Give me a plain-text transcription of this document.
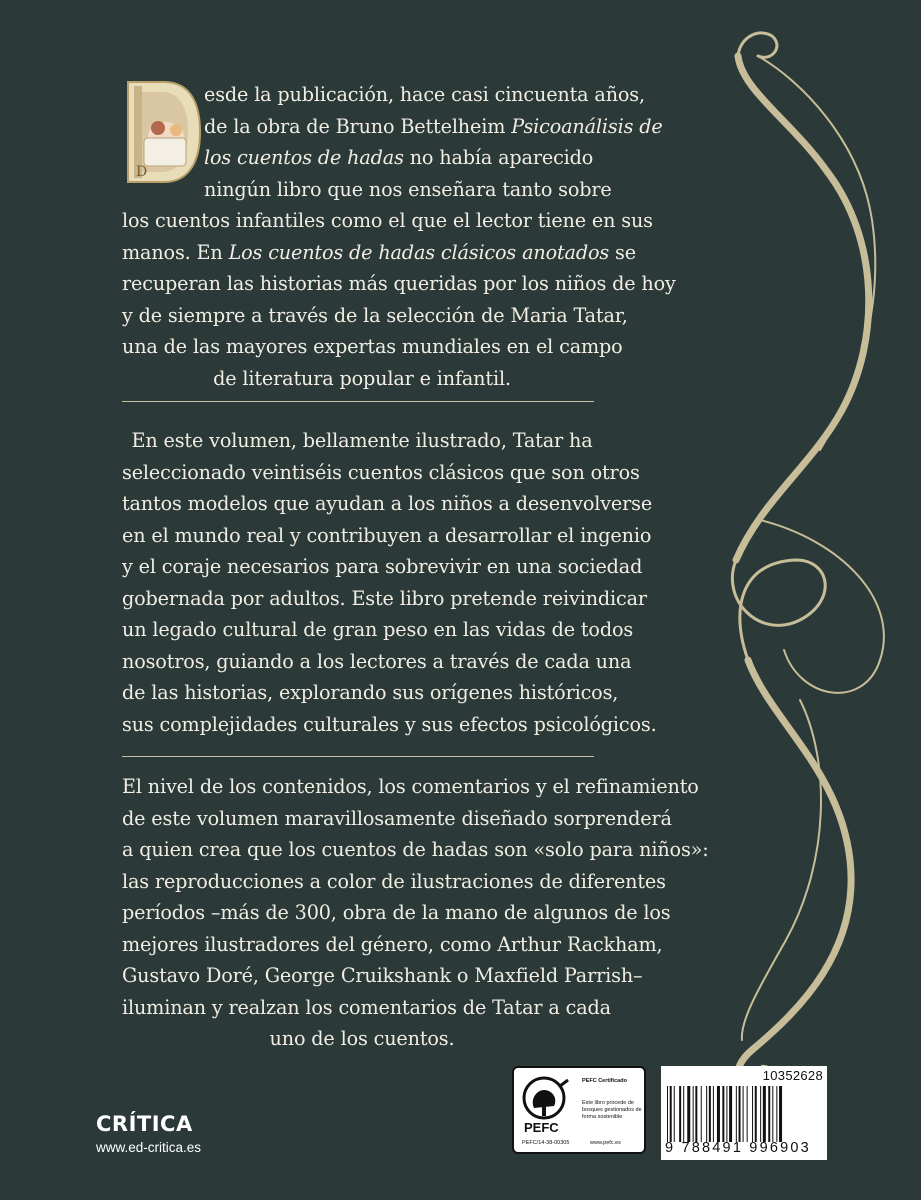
D

esde la publicación, hace casi cincuenta años,

de la obra de Bruno Bettelheim Psicoanálisis de

los cuentos de hadas no había aparecido

ningún libro que nos enseñara tanto sobre

los cuentos infantiles como el que el lector tiene en sus

manos. En Los cuentos de hadas clásicos anotados se

recuperan las historias más queridas por los niños de hoy

y de siempre a través de la selección de Maria Tatar,

una de las mayores expertas mundiales en el campo

de literatura popular e infantil.

En este volumen, bellamente ilustrado, Tatar ha

seleccionado veintiséis cuentos clásicos que son otros

tantos modelos que ayudan a los niños a desenvolverse

en el mundo real y contribuyen a desarrollar el ingenio

y el coraje necesarios para sobrevivir en una sociedad

gobernada por adultos. Este libro pretende reivindicar

un legado cultural de gran peso en las vidas de todos

nosotros, guiando a los lectores a través de cada una

de las historias, explorando sus orígenes históricos,

sus complejidades culturales y sus efectos psicológicos.

El nivel de los contenidos, los comentarios y el refinamiento

de este volumen maravillosamente diseñado sorprenderá

a quien crea que los cuentos de hadas son «solo para niños»:

las reproducciones a color de ilustraciones de diferentes

períodos –más de 300, obra de la mano de algunos de los

mejores ilustradores del género, como Arthur Rackham,

Gustavo Doré, George Cruikshank o Maxfield Parrish–

iluminan y realzan los comentarios de Tatar a cada

uno de los cuentos.

CRÍTICA
www.ed-critica.es
PEFC
PEFC/14-38-00305
PEFC Certificado
Este libro procede de bosques gestionados de forma sostenible
www.pefc.es
10352628
9 788491 996903
